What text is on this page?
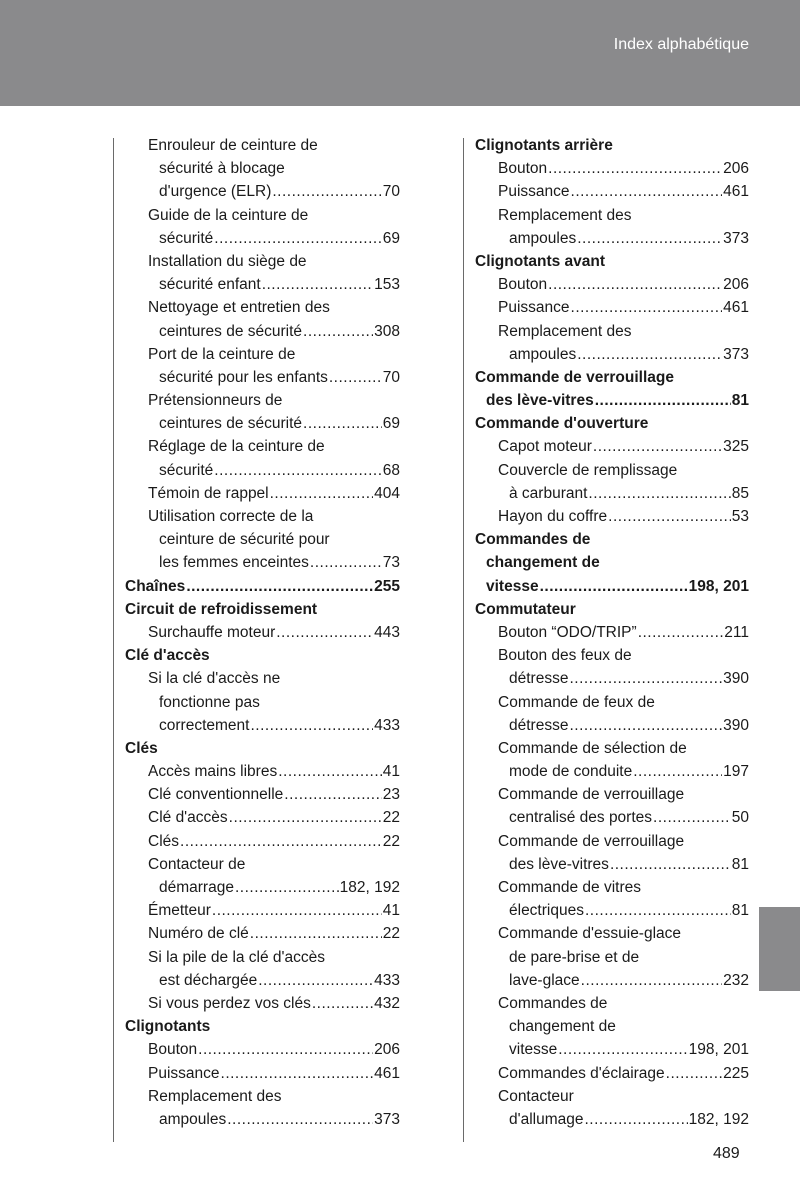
Index alphabétique
Enrouleur de ceinture de
sécurité à blocage
d'urgence (ELR) .....	70
Guide de la ceinture de
sécurité .....	69
Installation du siège de
sécurité enfant .....	153
Nettoyage et entretien des
ceintures de sécurité .....	308
Port de la ceinture de
sécurité pour les enfants .....	70
Prétensionneurs de
ceintures de sécurité .....	69
Réglage de la ceinture de
sécurité .....	68
Témoin de rappel .....	404
Utilisation correcte de la
ceinture de sécurité pour
les femmes enceintes .....	73
Chaînes .....	255
Circuit de refroidissement
Surchauffe moteur .....	443
Clé d'accès
Si la clé d'accès ne
fonctionne pas
correctement .....	433
Clés
Accès mains libres .....	41
Clé conventionnelle .....	23
Clé d'accès .....	22
Clés .....	22
Contacteur de
démarrage .....	182, 192
Émetteur .....	41
Numéro de clé .....	22
Si la pile de la clé d'accès
est déchargée .....	433
Si vous perdez vos clés .....	432
Clignotants
Bouton .....	206
Puissance .....	461
Remplacement des
ampoules .....	373
Clignotants arrière
Bouton .....	206
Puissance .....	461
Remplacement des
ampoules .....	373
Clignotants avant
Bouton .....	206
Puissance .....	461
Remplacement des
ampoules .....	373
Commande de verrouillage
des lève-vitres .....	81
Commande d'ouverture
Capot moteur .....	325
Couvercle de remplissage
à carburant .....	85
Hayon du coffre .....	53
Commandes de
changement de
vitesse .....	198, 201
Commutateur
Bouton “ODO/TRIP” .....	211
Bouton des feux de
détresse .....	390
Commande de feux de
détresse .....	390
Commande de sélection de
mode de conduite .....	197
Commande de verrouillage
centralisé des portes .....	50
Commande de verrouillage
des lève-vitres .....	81
Commande de vitres
électriques .....	81
Commande d'essuie-glace
de pare-brise et de
lave-glace .....	232
Commandes de
changement de
vitesse .....	198, 201
Commandes d'éclairage .....	225
Contacteur
d'allumage .....	182, 192
489
